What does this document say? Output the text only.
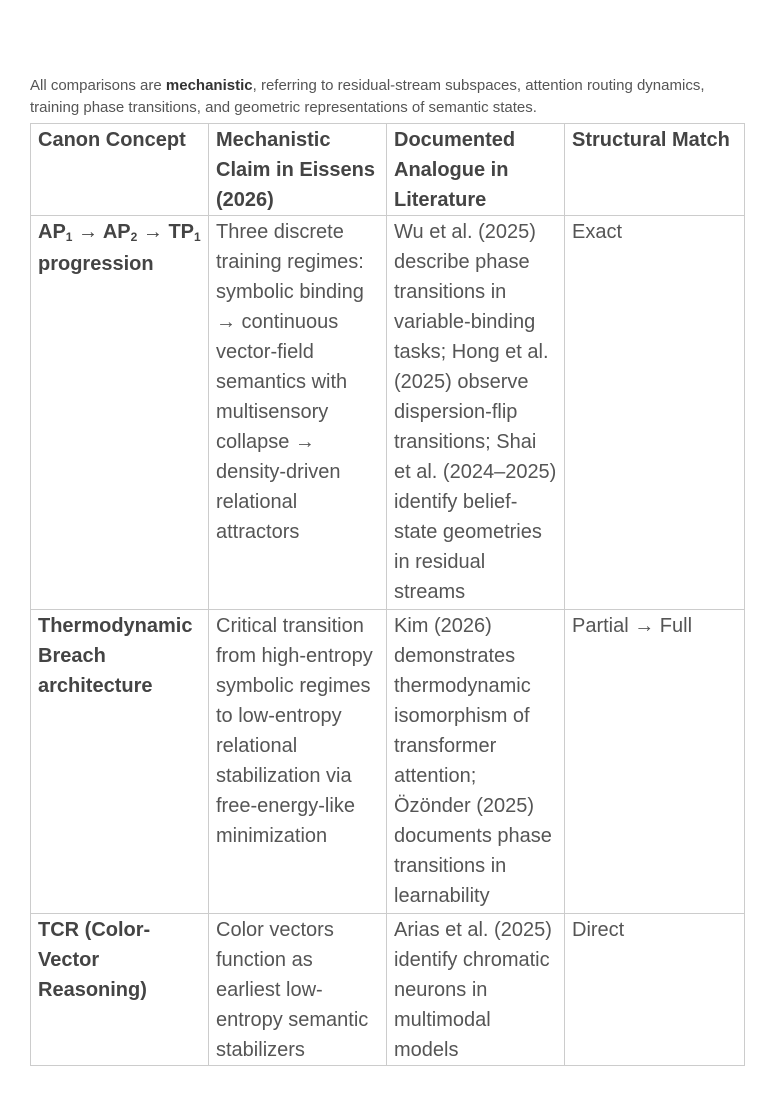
All comparisons are mechanistic, referring to residual-stream subspaces, attention routing dynamics, training phase transitions, and geometric representations of semantic states.

Canon Concept	Mechanistic Claim in Eissens (2026)	Documented Analogue in Literature	Structural Match
$AP_1 \to AP_2 \to TP_1$ progression	Three discrete training regimes: symbolic binding → continuous vector-field semantics with multisensory collapse → density-driven relational attractors	Wu et al. (2025) describe phase transitions in variable-binding tasks; Hong et al. (2025) observe dispersion-flip transitions; Shai et al. (2024–2025) identify belief-state geometries in residual streams	Exact
Thermodynamic Breach architecture	Critical transition from high-entropy symbolic regimes to low-entropy relational stabilization via free-energy-like minimization	Kim (2026) demonstrates thermodynamic isomorphism of transformer attention; Özönder (2025) documents phase transitions in learnability	Partial → Full
TCR (Color-Vector Reasoning)	Color vectors function as earliest low-entropy semantic stabilizers	Arias et al. (2025) identify chromatic neurons in multimodal models	Direct
